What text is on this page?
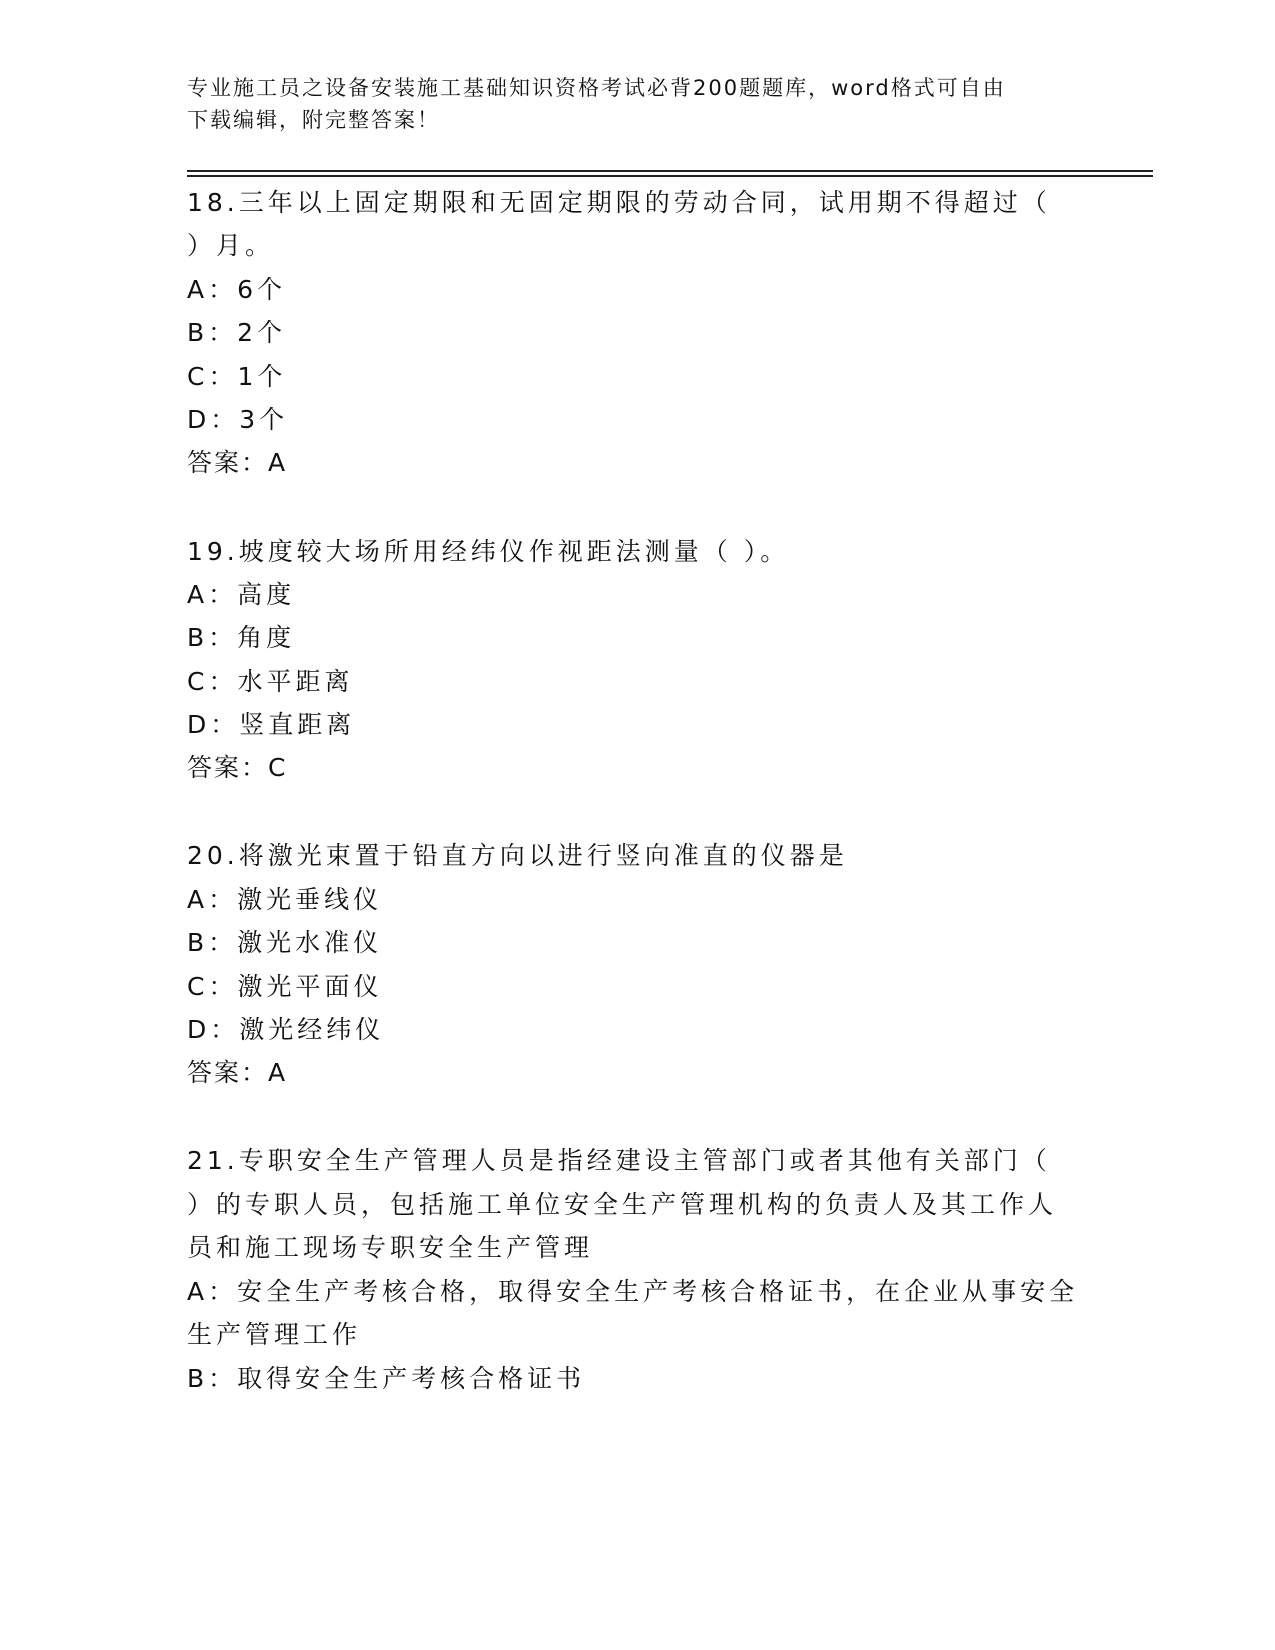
专业施工员之设备安装施工基础知识资格考试必背200题题库，word格式可自由
下载编辑，附完整答案！
18.三年以上固定期限和无固定期限的劳动合同，试用期不得超过（
）月。
A：6个
B：2个
C：1个
D：3个
答案：A
19.坡度较大场所用经纬仪作视距法测量（ ）。
A：高度
B：角度
C：水平距离
D：竖直距离
答案：C
20.将激光束置于铅直方向以进行竖向准直的仪器是
A：激光垂线仪
B：激光水准仪
C：激光平面仪
D：激光经纬仪
答案：A
21.专职安全生产管理人员是指经建设主管部门或者其他有关部门（
）的专职人员，包括施工单位安全生产管理机构的负责人及其工作人
员和施工现场专职安全生产管理
A：安全生产考核合格，取得安全生产考核合格证书，在企业从事安全
生产管理工作
B：取得安全生产考核合格证书
